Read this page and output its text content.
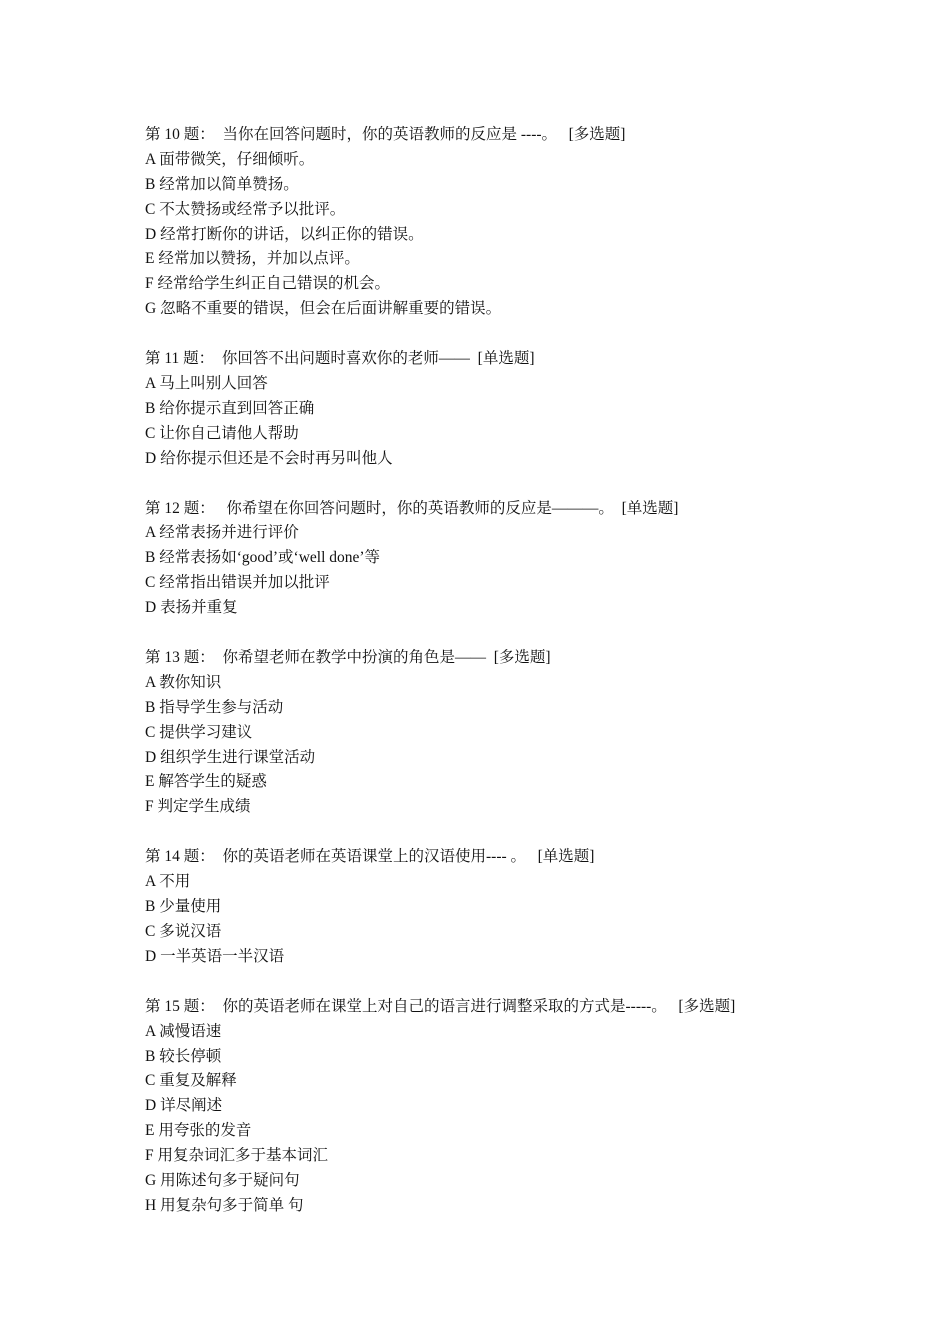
第 10 题：  当你在回答问题时，你的英语教师的反应是 ----。   [多选题]
A 面带微笑，仔细倾听。
B 经常加以简单赞扬。
C 不太赞扬或经常予以批评。
D 经常打断你的讲话，以纠正你的错误。
E 经常加以赞扬，并加以点评。
F 经常给学生纠正自己错误的机会。
G 忽略不重要的错误，但会在后面讲解重要的错误。
第 11 题：  你回答不出问题时喜欢你的老师——  [单选题]
A 马上叫别人回答
B 给你提示直到回答正确
C 让你自己请他人帮助
D 给你提示但还是不会时再另叫他人
第 12 题：   你希望在你回答问题时，你的英语教师的反应是———。  [单选题]
A 经常表扬并进行评价
B 经常表扬如‘good’或‘well done’等
C 经常指出错误并加以批评
D 表扬并重复
第 13 题：  你希望老师在教学中扮演的角色是——  [多选题]
A 教你知识
B 指导学生参与活动
C 提供学习建议
D 组织学生进行课堂活动
E 解答学生的疑惑
F 判定学生成绩
第 14 题：  你的英语老师在英语课堂上的汉语使用---- 。   [单选题]
A 不用
B 少量使用
C 多说汉语
D 一半英语一半汉语
第 15 题：  你的英语老师在课堂上对自己的语言进行调整采取的方式是-----。   [多选题]
A 减慢语速
B 较长停顿
C 重复及解释
D 详尽阐述
E 用夸张的发音
F 用复杂词汇多于基本词汇
G 用陈述句多于疑问句
H 用复杂句多于简单 句
